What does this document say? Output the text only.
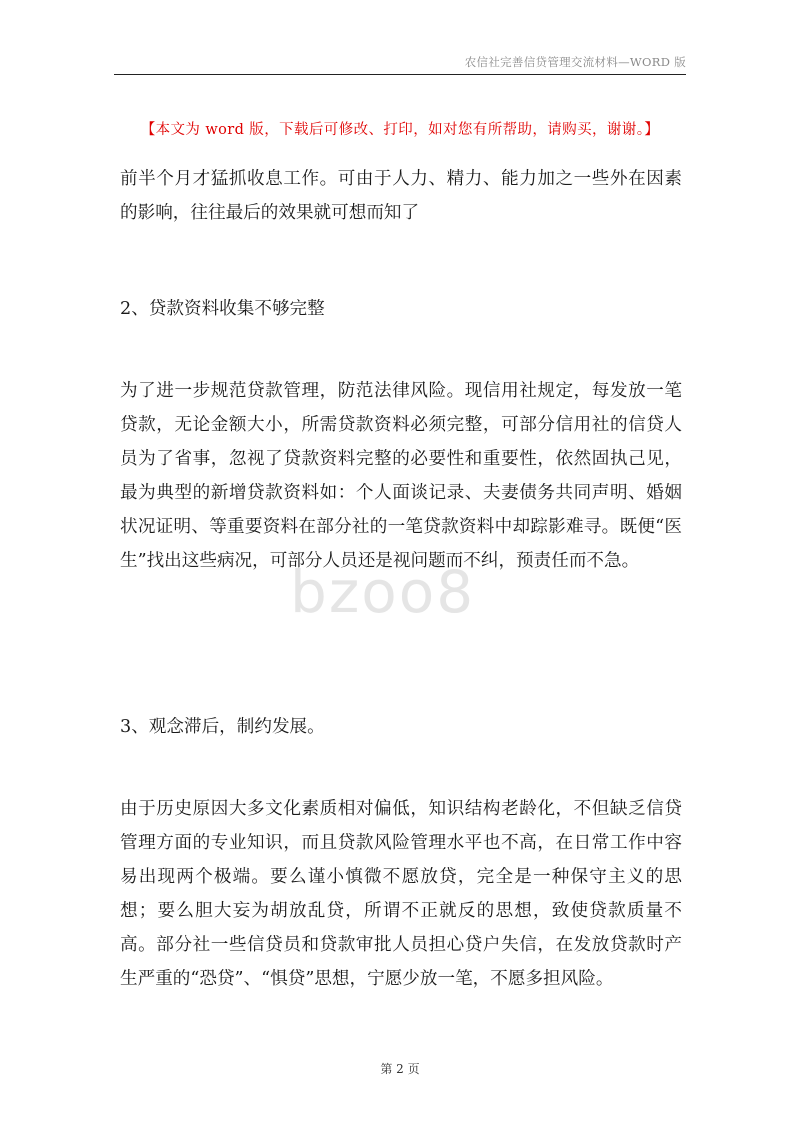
农信社完善信贷管理交流材料—WORD 版
【本文为 word 版，下载后可修改、打印，如对您有所帮助，请购买，谢谢。】

前半个月才猛抓收息工作。可由于人力、精力、能力加之一些外在因素的影响，往往最后的效果就可想而知了

2、贷款资料收集不够完整

为了进一步规范贷款管理，防范法律风险。现信用社规定，每发放一笔贷款，无论金额大小，所需贷款资料必须完整，可部分信用社的信贷人员为了省事，忽视了贷款资料完整的必要性和重要性，依然固执己见，最为典型的新增贷款资料如：个人面谈记录、夫妻债务共同声明、婚姻状况证明、等重要资料在部分社的一笔贷款资料中却踪影难寻。既便“医生”找出这些病况，可部分人员还是视问题而不纠，预责任而不急。

3、观念滞后，制约发展。

由于历史原因大多文化素质相对偏低，知识结构老龄化，不但缺乏信贷管理方面的专业知识，而且贷款风险管理水平也不高，在日常工作中容易出现两个极端。要么谨小慎微不愿放贷，完全是一种保守主义的思想；要么胆大妄为胡放乱贷，所谓不正就反的思想，致使贷款质量不高。部分社一些信贷员和贷款审批人员担心贷户失信，在发放贷款时产生严重的“恐贷”、“惧贷”思想，宁愿少放一笔，不愿多担风险。

bzoo8
第 2 页
